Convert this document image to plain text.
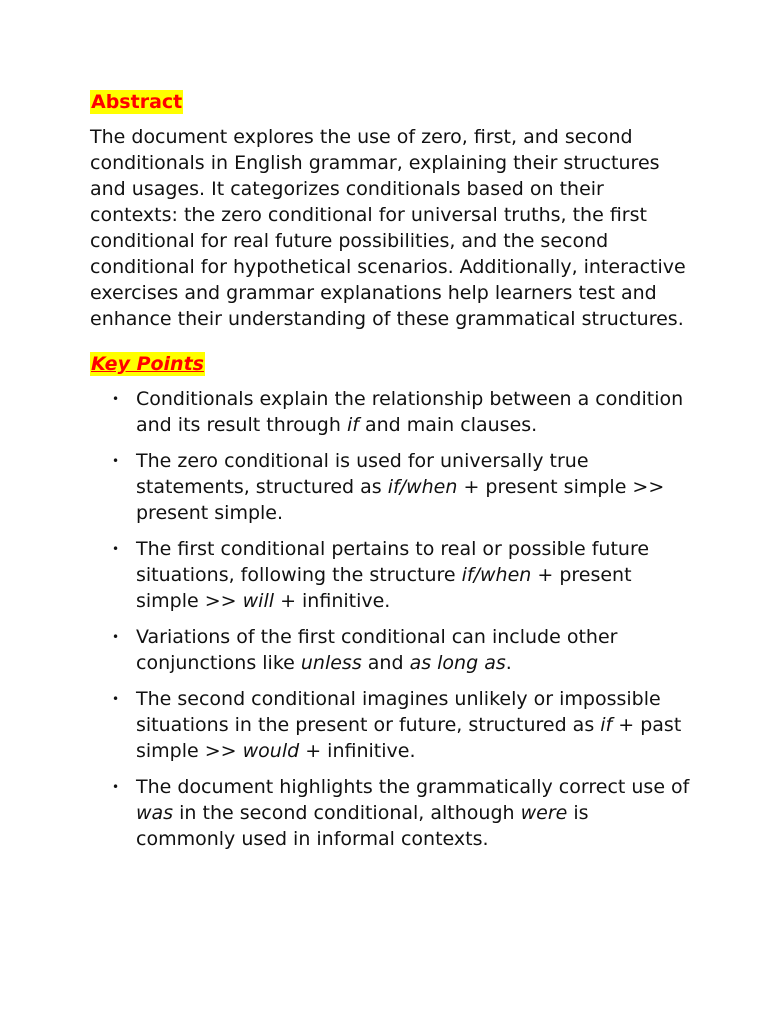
Abstract

The document explores the use of zero, first, and second conditionals in English grammar, explaining their structures and usages. It categorizes conditionals based on their contexts: the zero conditional for universal truths, the first conditional for real future possibilities, and the second conditional for hypothetical scenarios. Additionally, interactive exercises and grammar explanations help learners test and enhance their understanding of these grammatical structures.

Key Points
• Conditionals explain the relationship between a condition and its result through if and main clauses.
• The zero conditional is used for universally true statements, structured as if/when + present simple >> present simple.
• The first conditional pertains to real or possible future situations, following the structure if/when + present simple >> will + infinitive.
• Variations of the first conditional can include other conjunctions like unless and as long as.
• The second conditional imagines unlikely or impossible situations in the present or future, structured as if + past simple >> would + infinitive.
• The document highlights the grammatically correct use of was in the second conditional, although were is commonly used in informal contexts.
